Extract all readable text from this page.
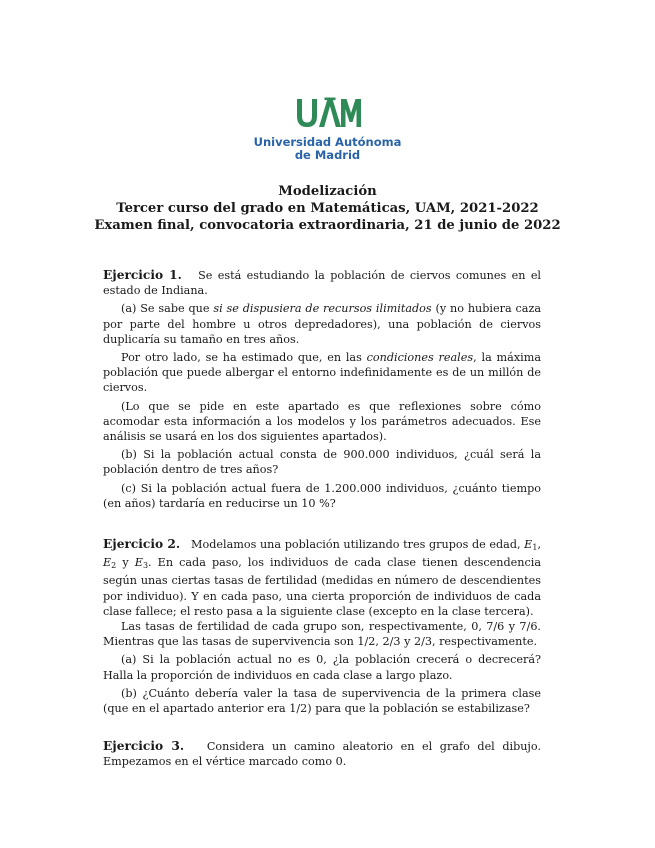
Universidad Autónoma
de Madrid
Modelización
Tercer curso del grado en Matemáticas, UAM, 2021-2022
Examen final, convocatoria extraordinaria, 21 de junio de 2022

Ejercicio 1. Se está estudiando la población de ciervos comunes en el estado de Indiana.

(a) Se sabe que si se dispusiera de recursos ilimitados (y no hubiera caza por parte del hombre u otros depredadores), una población de ciervos duplicaría su tamaño en tres años.

Por otro lado, se ha estimado que, en las condiciones reales, la máxima población que puede albergar el entorno indefinidamente es de un millón de ciervos.

(Lo que se pide en este apartado es que reflexiones sobre cómo acomodar esta información a los modelos y los parámetros adecuados. Ese análisis se usará en los dos siguientes apartados).

(b) Si la población actual consta de 900.000 individuos, ¿cuál será la población dentro de tres años?

(c) Si la población actual fuera de 1.200.000 individuos, ¿cuánto tiempo (en años) tardaría en reducirse un 10 %?

Ejercicio 2. Modelamos una población utilizando tres grupos de edad, $E_1$, $E_2$ y $E_3$. En cada paso, los individuos de cada clase tienen descendencia según unas ciertas tasas de fertilidad (medidas en número de descendientes por individuo). Y en cada paso, una cierta proporción de individuos de cada clase fallece; el resto pasa a la siguiente clase (excepto en la clase tercera).

Las tasas de fertilidad de cada grupo son, respectivamente, 0, 7/6 y 7/6. Mientras que las tasas de supervivencia son 1/2, 2/3 y 2/3, respectivamente.

(a) Si la población actual no es 0, ¿la población crecerá o decrecerá? Halla la proporción de individuos en cada clase a largo plazo.

(b) ¿Cuánto debería valer la tasa de supervivencia de la primera clase (que en el apartado anterior era 1/2) para que la población se estabilizase?

Ejercicio 3. Considera un camino aleatorio en el grafo del dibujo. Empezamos en el vértice marcado como 0.
